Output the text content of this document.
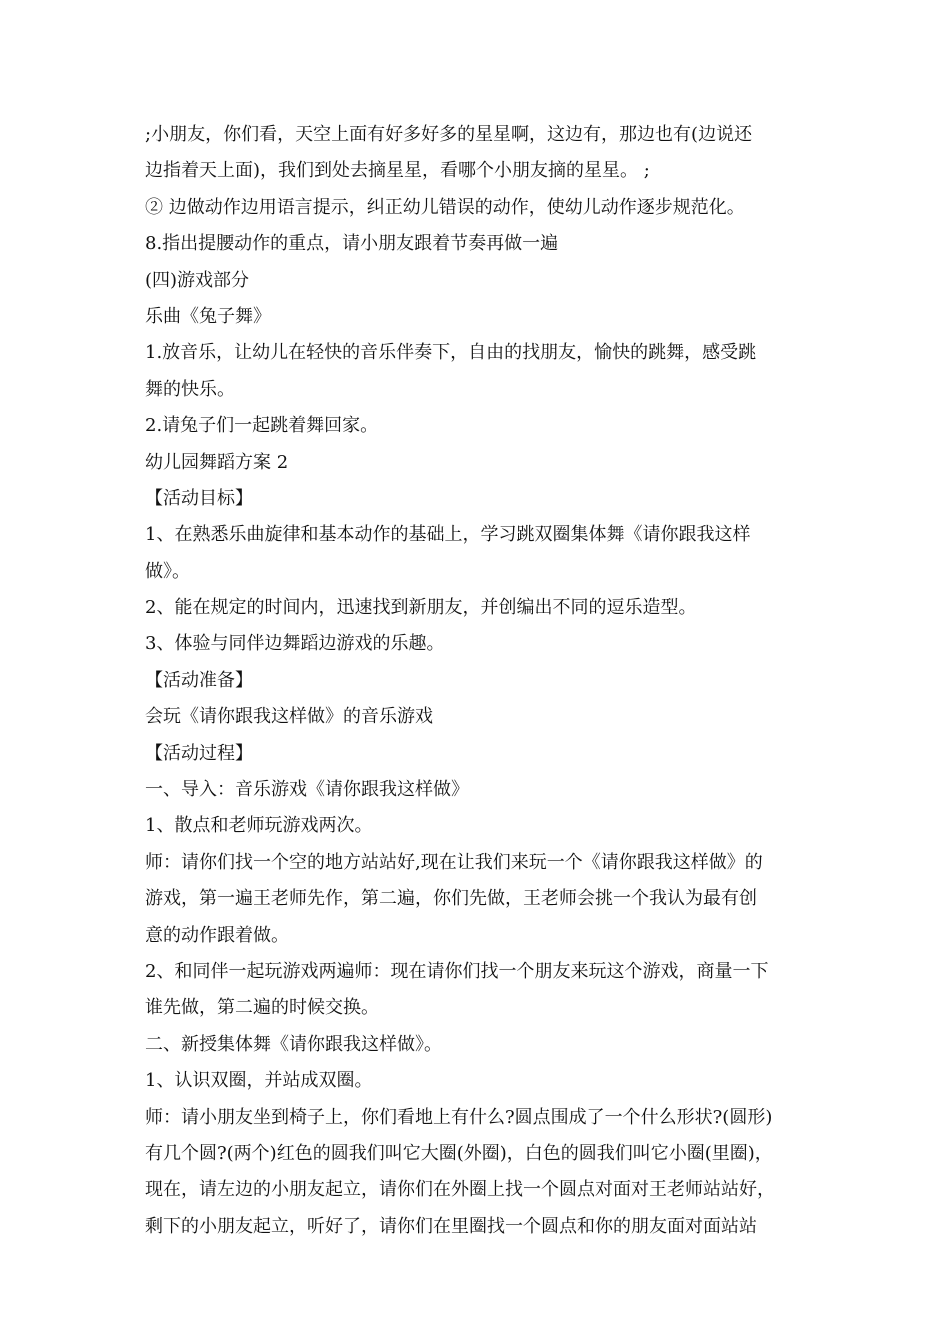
;小朋友，你们看，天空上面有好多好多的星星啊，这边有，那边也有(边说还
边指着天上面)，我们到处去摘星星，看哪个小朋友摘的星星。 ;
② 边做动作边用语言提示，纠正幼儿错误的动作，使幼儿动作逐步规范化。
8.指出提腰动作的重点，请小朋友跟着节奏再做一遍
(四)游戏部分
乐曲《兔子舞》
1.放音乐，让幼儿在轻快的音乐伴奏下，自由的找朋友，愉快的跳舞，感受跳
舞的快乐。
2.请兔子们一起跳着舞回家。
幼儿园舞蹈方案 2
【活动目标】
1、在熟悉乐曲旋律和基本动作的基础上，学习跳双圈集体舞《请你跟我这样
做》。
2、能在规定的时间内，迅速找到新朋友，并创编出不同的逗乐造型。
3、体验与同伴边舞蹈边游戏的乐趣。
【活动准备】
会玩《请你跟我这样做》的音乐游戏
【活动过程】
一、导入：音乐游戏《请你跟我这样做》
1、散点和老师玩游戏两次。
师：请你们找一个空的地方站站好,现在让我们来玩一个《请你跟我这样做》的
游戏，第一遍王老师先作，第二遍，你们先做，王老师会挑一个我认为最有创
意的动作跟着做。
2、和同伴一起玩游戏两遍师：现在请你们找一个朋友来玩这个游戏，商量一下
谁先做，第二遍的时候交换。
二、新授集体舞《请你跟我这样做》。
1、认识双圈，并站成双圈。
师：请小朋友坐到椅子上，你们看地上有什么?圆点围成了一个什么形状?(圆形)
有几个圆?(两个)红色的圆我们叫它大圈(外圈)，白色的圆我们叫它小圈(里圈)，
现在，请左边的小朋友起立，请你们在外圈上找一个圆点对面对王老师站站好，
剩下的小朋友起立，听好了，请你们在里圈找一个圆点和你的朋友面对面站站
